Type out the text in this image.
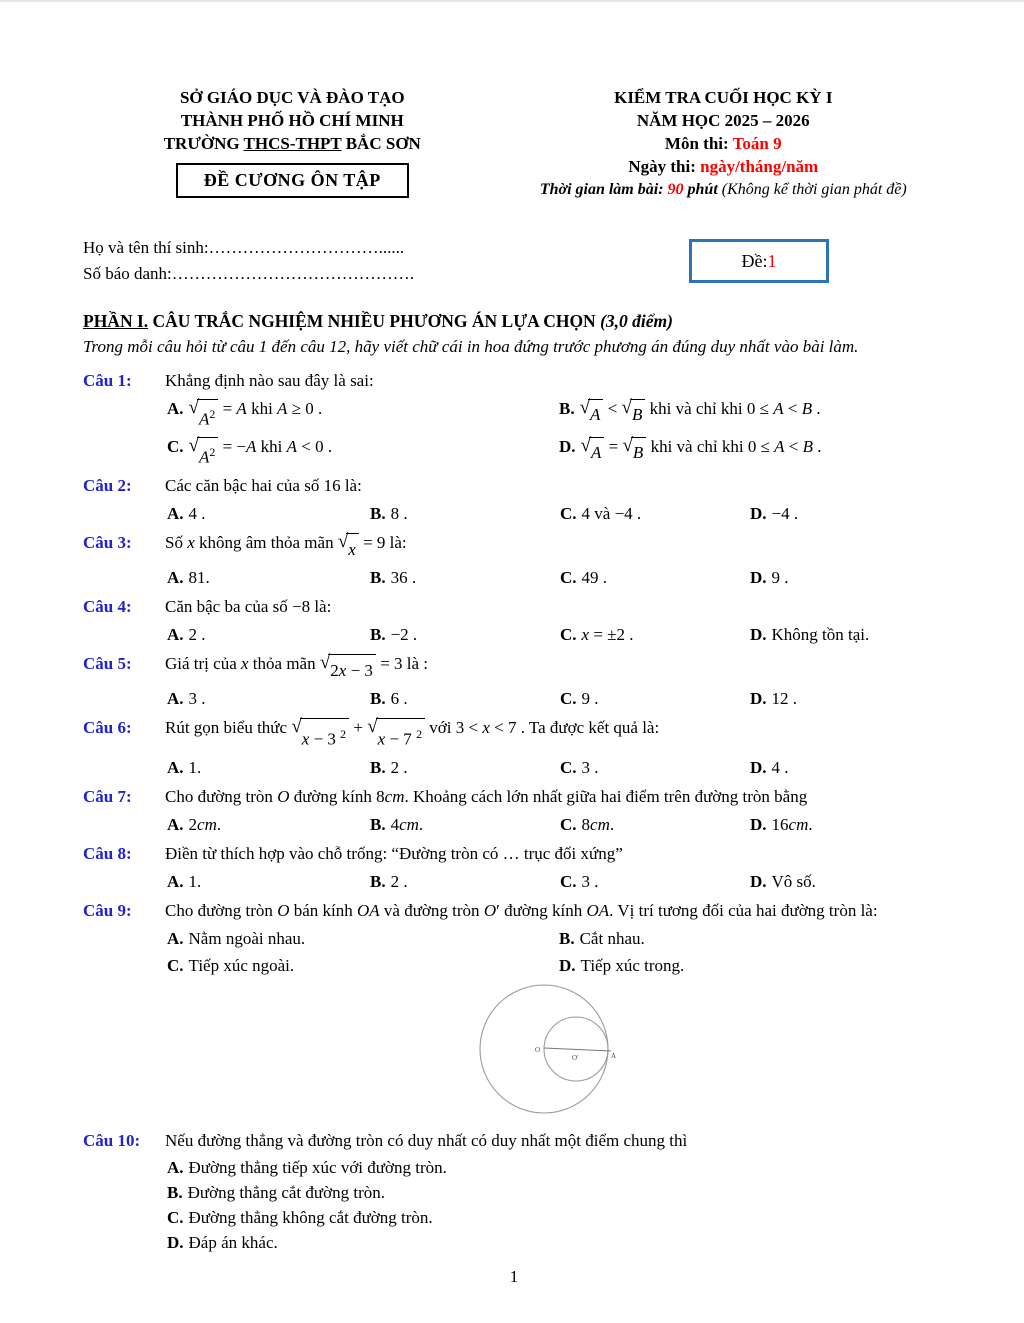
SỞ GIÁO DỤC VÀ ĐÀO TẠO
THÀNH PHỐ HỒ CHÍ MINH
TRƯỜNG THCS-THPT BẮC SƠN
ĐỀ CƯƠNG ÔN TẬP
KIỂM TRA CUỐI HỌC KỲ I
NĂM HỌC 2025 – 2026
Môn thi: Toán 9
Ngày thi: ngày/tháng/năm
Thời gian làm bài: 90 phút (Không kể thời gian phát đề)
Họ và tên thí sinh:…………………………......
Số báo danh:…………………………………….
Đề: 1
PHẦN I. CÂU TRẮC NGHIỆM NHIỀU PHƯƠNG ÁN LỰA CHỌN (3,0 điểm)
Trong mỗi câu hỏi từ câu 1 đến câu 12, hãy viết chữ cái in hoa đứng trước phương án đúng duy nhất vào bài làm.
Câu 1:	Khẳng định nào sau đây là sai:
A. √
$A^2 = A$ khi A ≥ 0 .	B. √ A < √ B khi và chỉ khi 0 ≤ A < B .
C. √
$A^2 = -A$ khi A < 0 .	D. √ A = √ B khi và chỉ khi 0 ≤ A < B .
Câu 2:	Các căn bậc hai của số 16 là:
A. 4 .	B. 8 .	C. 4 và −4 .	D. −4 .
Câu 3:	Số x không âm thỏa mãn √ x = 9 là:
A. 81.	B. 36 .	C. 49 .	D. 9 .
Câu 4:	Căn bậc ba của số −8 là:
A. 2 .	B. −2 .	C. x = ±2 .	D. Không tồn tại.
Câu 5:	Giá trị của x thỏa mãn √ 2x − 3 = 3 là :
A. 3 .	B. 6 .	C. 9 .	D. 12 .
Câu 6:	Rút gọn biểu thức √
x − 3 $^2$ + √
x − 7 $^2$ với 3 < x < 7 . Ta được kết quả là:
A. 1.	B. 2 .	C. 3 .	D. 4 .
Câu 7:	Cho đường tròn O đường kính 8cm. Khoảng cách lớn nhất giữa hai điểm trên đường tròn bằng
A. 2cm.	B. 4cm.	C. 8cm.	D. 16cm.
Câu 8:	Điền từ thích hợp vào chỗ trống: “Đường tròn có … trục đối xứng”
A. 1.	B. 2 .	C. 3 .	D. Vô số.
Câu 9:	Cho đường tròn O bán kính OA và đường tròn O′ đường kính OA. Vị trí tương đối của hai đường tròn là:
A. Nằm ngoài nhau.	B. Cắt nhau.
C. Tiếp xúc ngoài.	D. Tiếp xúc trong.
O
O′	A
Câu 10:	Nếu đường thẳng và đường tròn có duy nhất có duy nhất một điểm chung thì
A. Đường thẳng tiếp xúc với đường tròn.
B. Đường thẳng cắt đường tròn.
C. Đường thẳng không cắt đường tròn.
D. Đáp án khác.
1
